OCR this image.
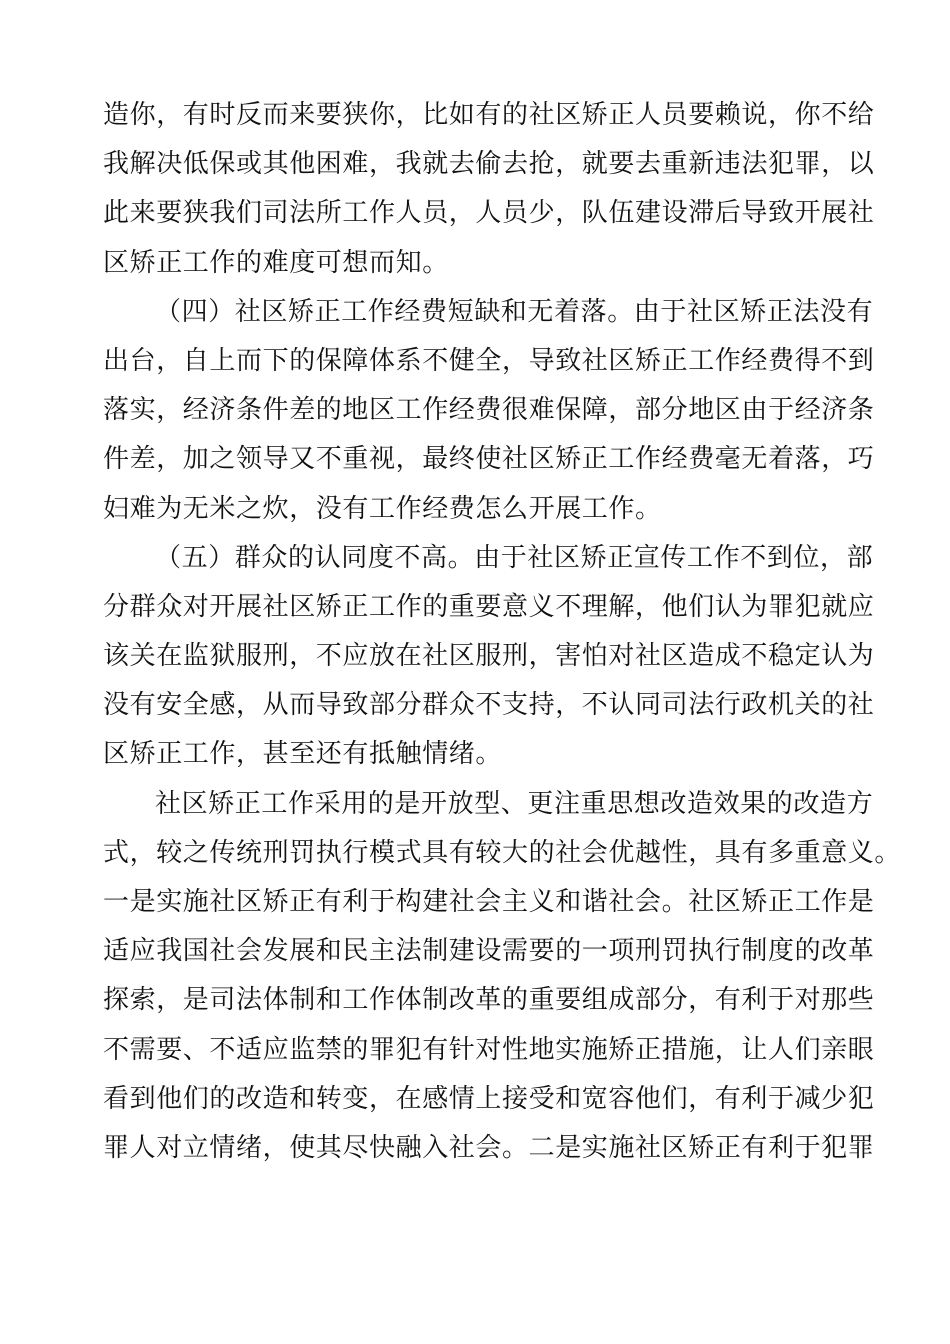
造你，有时反而来要狭你，比如有的社区矫正人员要赖说，你不给
我解决低保或其他困难，我就去偷去抢，就要去重新违法犯罪，以
此来要狭我们司法所工作人员，人员少，队伍建设滞后导致开展社
区矫正工作的难度可想而知。
（四）社区矫正工作经费短缺和无着落。由于社区矫正法没有
出台，自上而下的保障体系不健全，导致社区矫正工作经费得不到
落实，经济条件差的地区工作经费很难保障，部分地区由于经济条
件差，加之领导又不重视，最终使社区矫正工作经费毫无着落，巧
妇难为无米之炊，没有工作经费怎么开展工作。
（五）群众的认同度不高。由于社区矫正宣传工作不到位，部
分群众对开展社区矫正工作的重要意义不理解，他们认为罪犯就应
该关在监狱服刑，不应放在社区服刑，害怕对社区造成不稳定认为
没有安全感，从而导致部分群众不支持，不认同司法行政机关的社
区矫正工作，甚至还有抵触情绪。
社区矫正工作采用的是开放型、更注重思想改造效果的改造方
式，较之传统刑罚执行模式具有较大的社会优越性，具有多重意义。
一是实施社区矫正有利于构建社会主义和谐社会。社区矫正工作是
适应我国社会发展和民主法制建设需要的一项刑罚执行制度的改革
探索，是司法体制和工作体制改革的重要组成部分，有利于对那些
不需要、不适应监禁的罪犯有针对性地实施矫正措施，让人们亲眼
看到他们的改造和转变，在感情上接受和宽容他们，有利于减少犯
罪人对立情绪，使其尽快融入社会。二是实施社区矫正有利于犯罪
